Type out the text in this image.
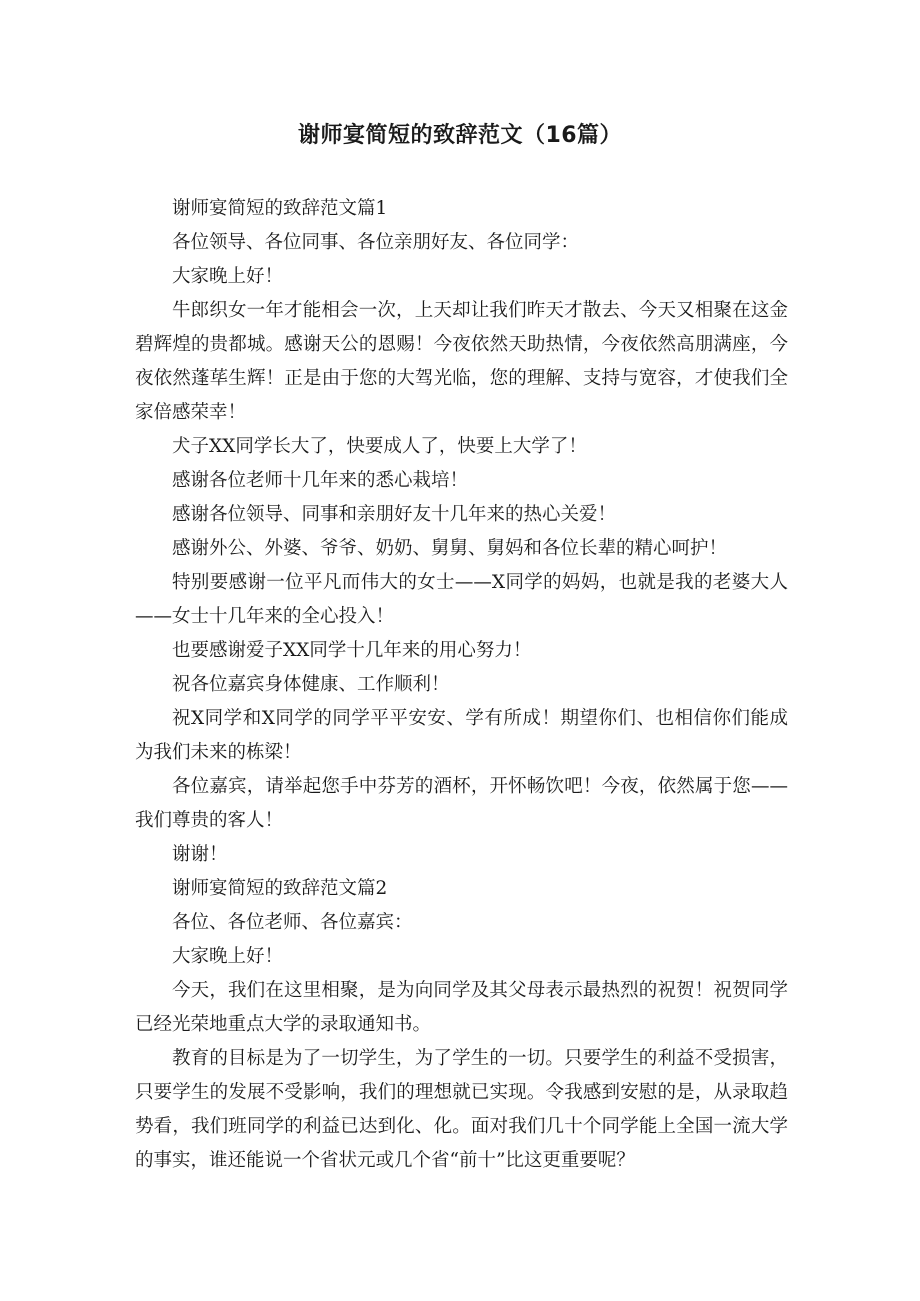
谢师宴简短的致辞范文（16篇）

谢师宴简短的致辞范文篇1

各位领导、各位同事、各位亲朋好友、各位同学：

大家晚上好！

牛郎织女一年才能相会一次，上天却让我们昨天才散去、今天又相聚在这金碧辉煌的贵都城。感谢天公的恩赐！今夜依然天助热情，今夜依然高朋满座，今夜依然蓬荜生辉！正是由于您的大驾光临，您的理解、支持与宽容，才使我们全家倍感荣幸！

犬子XX同学长大了，快要成人了，快要上大学了！

感谢各位老师十几年来的悉心栽培！

感谢各位领导、同事和亲朋好友十几年来的热心关爱！

感谢外公、外婆、爷爷、奶奶、舅舅、舅妈和各位长辈的精心呵护！

特别要感谢一位平凡而伟大的女士——X同学的妈妈，也就是我的老婆大人——女士十几年来的全心投入！

也要感谢爱子XX同学十几年来的用心努力！

祝各位嘉宾身体健康、工作顺利！

祝X同学和X同学的同学平平安安、学有所成！期望你们、也相信你们能成为我们未来的栋梁！

各位嘉宾，请举起您手中芬芳的酒杯，开怀畅饮吧！今夜，依然属于您——我们尊贵的客人！

谢谢！

谢师宴简短的致辞范文篇2

各位、各位老师、各位嘉宾：

大家晚上好！

今天，我们在这里相聚，是为向同学及其父母表示最热烈的祝贺！祝贺同学已经光荣地重点大学的录取通知书。

教育的目标是为了一切学生，为了学生的一切。只要学生的利益不受损害，只要学生的发展不受影响，我们的理想就已实现。令我感到安慰的是，从录取趋势看，我们班同学的利益已达到化、化。面对我们几十个同学能上全国一流大学的事实，谁还能说一个省状元或几个省“前十”比这更重要呢？
